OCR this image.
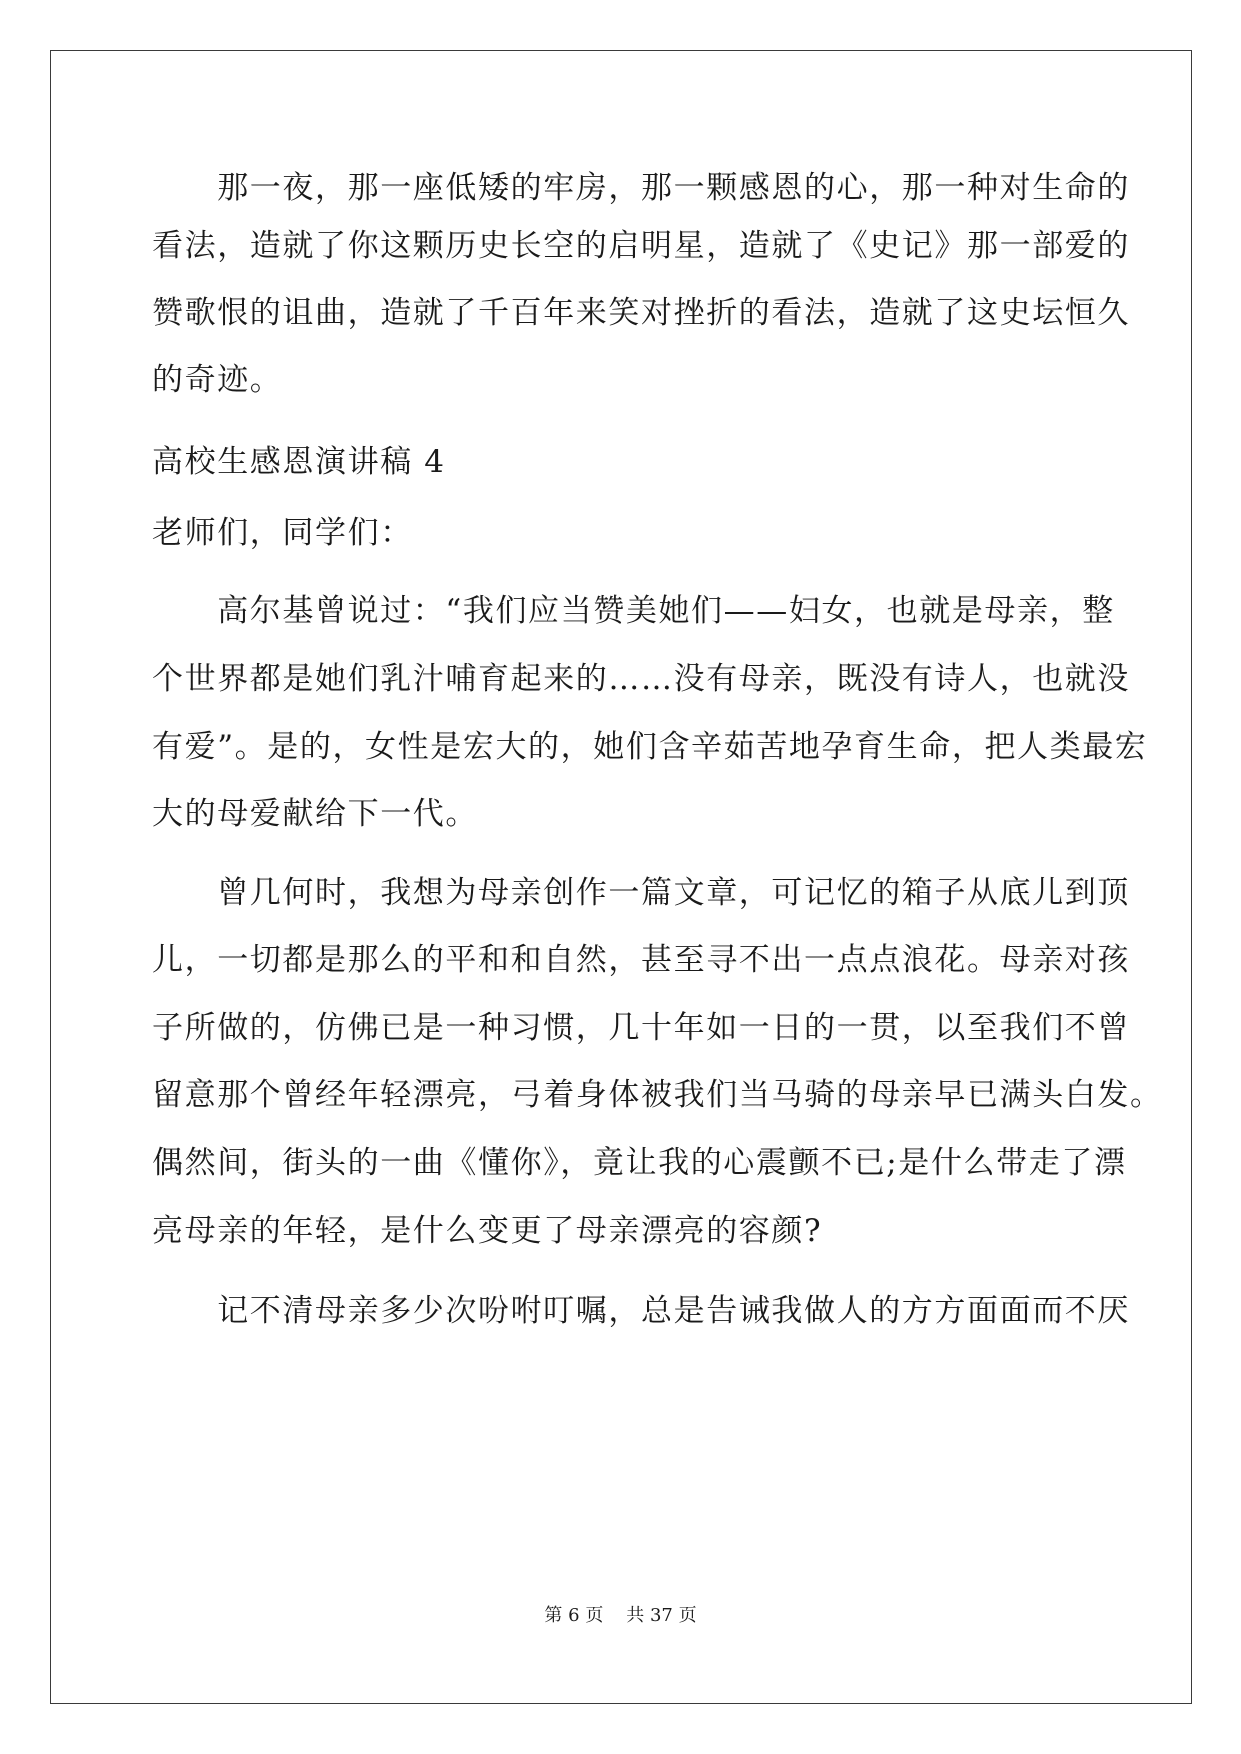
　　那一夜，那一座低矮的牢房，那一颗感恩的心，那一种对生命的

看法，造就了你这颗历史长空的启明星，造就了《史记》那一部爱的

赞歌恨的诅曲，造就了千百年来笑对挫折的看法，造就了这史坛恒久

的奇迹。

高校生感恩演讲稿 4

老师们，同学们：

　　高尔基曾说过：“我们应当赞美她们——妇女，也就是母亲，整

个世界都是她们乳汁哺育起来的……没有母亲，既没有诗人，也就没

有爱”。是的，女性是宏大的，她们含辛茹苦地孕育生命，把人类最宏

大的母爱献给下一代。

　　曾几何时，我想为母亲创作一篇文章，可记忆的箱子从底儿到顶

儿，一切都是那么的平和和自然，甚至寻不出一点点浪花。母亲对孩

子所做的，仿佛已是一种习惯，几十年如一日的一贯，以至我们不曾

留意那个曾经年轻漂亮，弓着身体被我们当马骑的母亲早已满头白发。

偶然间，街头的一曲《懂你》，竟让我的心震颤不已;是什么带走了漂

亮母亲的年轻，是什么变更了母亲漂亮的容颜?

　　记不清母亲多少次吩咐叮嘱，总是告诫我做人的方方面面而不厌

第 6 页 共 37 页
